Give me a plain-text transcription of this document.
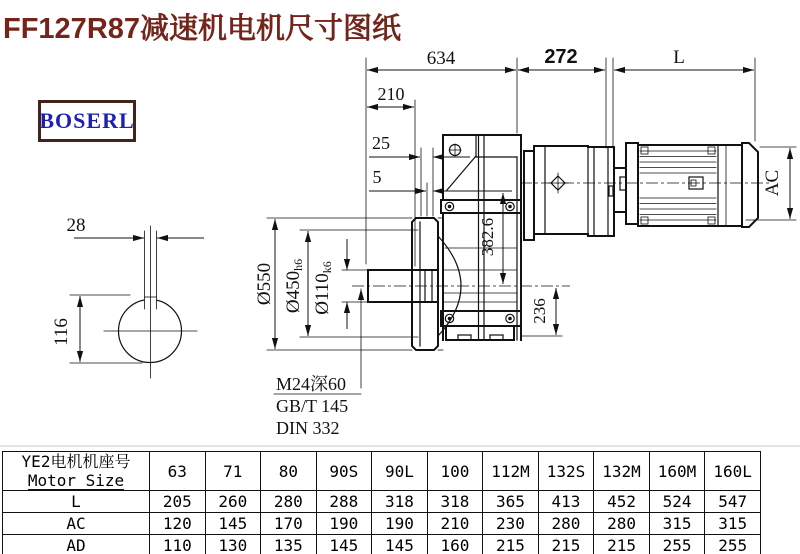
FF127R87减速机电机尺寸图纸
BOSERL
28
116
634	272	L
210
25
5
Ø550 Ø450h6
Ø110k6
382.6
236
AC
M24深60
GB/T 145
DIN 332
YE2电机机座号
Motor Size	63	71	80	90S	90L	100	112M	132S	132M	160M	160L
L	205	260	280	288	318	318	365	413	452	524	547
AC	120	145	170	190	190	210	230	280	280	315	315
AD	110	130	135	145	145	160	215	215	215	255	255
